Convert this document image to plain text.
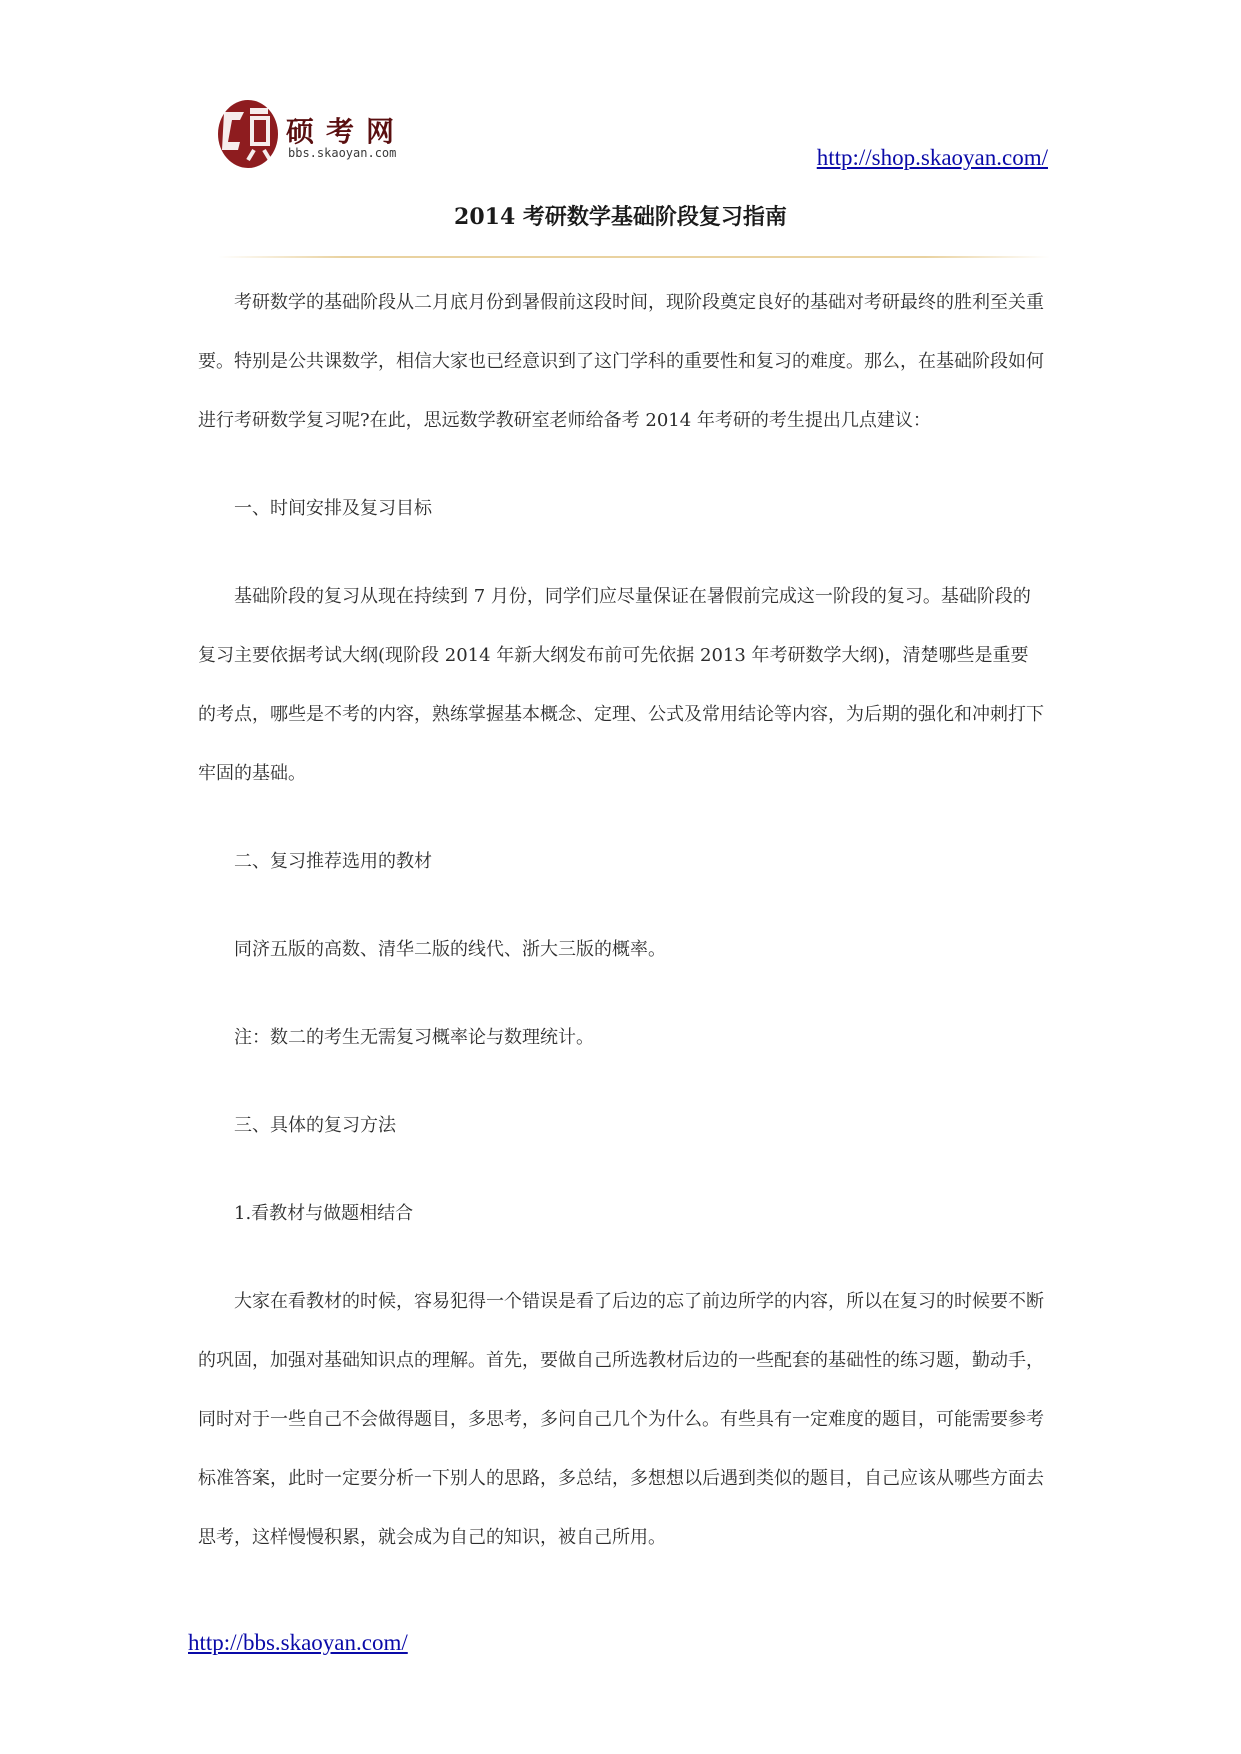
硕考网
bbs.skaoyan.com	http://shop.skaoyan.com/
2014 考研数学基础阶段复习指南

考研数学的基础阶段从二月底月份到暑假前这段时间，现阶段奠定良好的基础对考研最终的胜利至关重要。特别是公共课数学，相信大家也已经意识到了这门学科的重要性和复习的难度。那么，在基础阶段如何进行考研数学复习呢?在此，思远数学教研室老师给备考 2014 年考研的考生提出几点建议：

一、时间安排及复习目标

基础阶段的复习从现在持续到 7 月份，同学们应尽量保证在暑假前完成这一阶段的复习。基础阶段的复习主要依据考试大纲(现阶段 2014 年新大纲发布前可先依据 2013 年考研数学大纲)，清楚哪些是重要的考点，哪些是不考的内容，熟练掌握基本概念、定理、公式及常用结论等内容，为后期的强化和冲刺打下牢固的基础。

二、复习推荐选用的教材

同济五版的高数、清华二版的线代、浙大三版的概率。

注：数二的考生无需复习概率论与数理统计。

三、具体的复习方法

1.看教材与做题相结合

大家在看教材的时候，容易犯得一个错误是看了后边的忘了前边所学的内容，所以在复习的时候要不断的巩固，加强对基础知识点的理解。首先，要做自己所选教材后边的一些配套的基础性的练习题，勤动手，同时对于一些自己不会做得题目，多思考，多问自己几个为什么。有些具有一定难度的题目，可能需要参考标准答案，此时一定要分析一下别人的思路，多总结，多想想以后遇到类似的题目，自己应该从哪些方面去思考，这样慢慢积累，就会成为自己的知识，被自己所用。

http://bbs.skaoyan.com/
